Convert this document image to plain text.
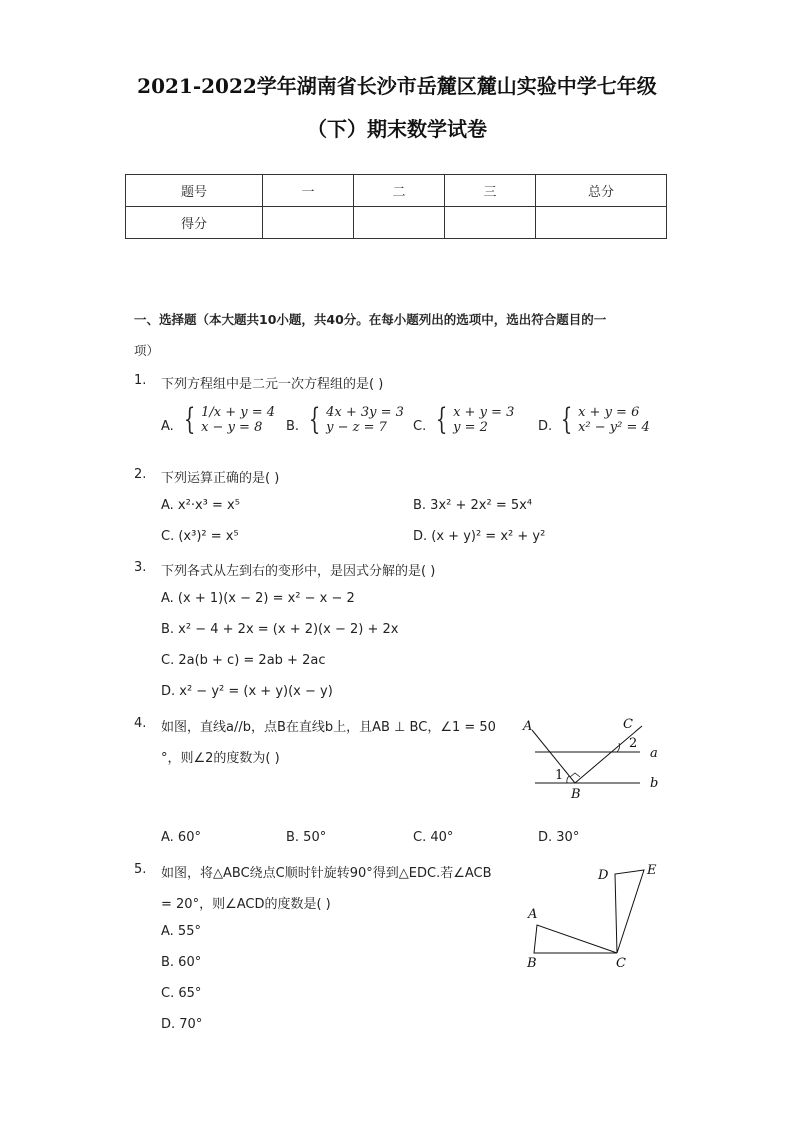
2021-2022学年湖南省长沙市岳麓区麓山实验中学七年级
（下）期末数学试卷
题号	一	二	三	总分
得分				
一、选择题（本大题共10小题，共40分。在每小题列出的选项中，选出符合题目的一
项）
1. 下列方程组中是二元一次方程组的是( )
A. { 1/x + y = 4
x − y = 8	B. { 4x + 3y = 3
y − z = 7	C. { x + y = 3
y = 2	D. { x + y = 6
x² − y² = 4
2. 下列运算正确的是( )
A. x²·x³ = x⁵	B. 3x² + 2x² = 5x⁴
C. (x³)² = x⁵	D. (x + y)² = x² + y²
3. 下列各式从左到右的变形中，是因式分解的是( )
A. (x + 1)(x − 2) = x² − x − 2
B. x² − 4 + 2x = (x + 2)(x − 2) + 2x
C. 2a(b + c) = 2ab + 2ac
D. x² − y² = (x + y)(x − y)
4. 如图，直线a//b，点B在直线b上，且AB ⊥ BC，∠1 = 50
°，则∠2的度数为( )
A	C
B
a
b
1
2
A. 60°	B. 50°	C. 40°	D. 30°
5. 如图，将△ABC绕点C顺时针旋转90°得到△EDC.若∠ACB
= 20°，则∠ACD的度数是( )
A. 55°
B. 60°
C. 65°
D. 70°
A
B	C
D	E
